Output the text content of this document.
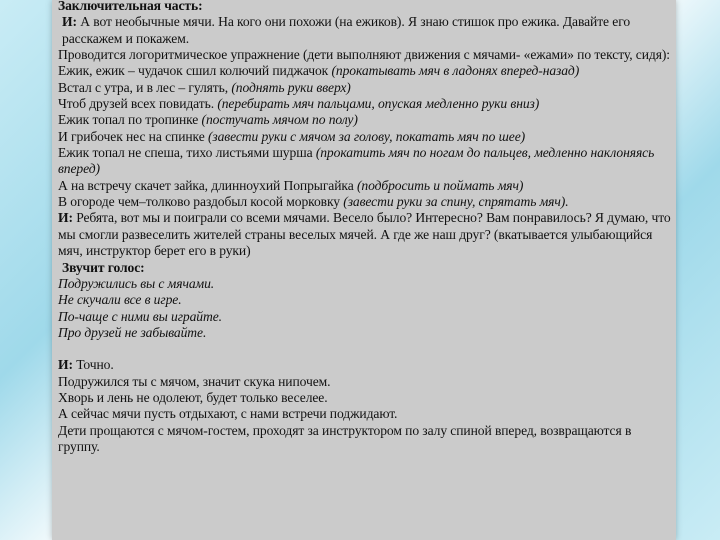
Заключительная часть:

И: А вот необычные мячи. На кого они похожи (на ежиков). Я знаю стишок про ежика. Давайте его расскажем и покажем.

Проводится логоритмическое упражнение (дети выполняют движения с мячами- «ежами» по тексту, сидя):

Ежик, ежик – чудачок сшил колючий пиджачок (прокатывать мяч в ладонях вперед-назад)

Встал с утра, и в лес – гулять, (поднять руки вверх)

Чтоб друзей всех повидать. (перебирать мяч пальцами, опуская медленно руки вниз)

Ежик топал по тропинке (постучать мячом по полу)

И грибочек нес на спинке (завести руки с мячом за голову, покатать мяч по шее)

Ежик топал не спеша, тихо листьями шурша (прокатить мяч по ногам до пальцев, медленно наклоняясь вперед)

А на встречу скачет зайка, длинноухий Попрыгайка (подбросить и поймать мяч)

В огороде чем–толково раздобыл косой морковку (завести руки за спину, спрятать мяч).

И: Ребята, вот мы и поиграли со всеми мячами. Весело было? Интересно? Вам понравилось? Я думаю, что мы смогли развеселить жителей страны веселых мячей. А где же наш друг? (вкатывается улыбающийся мяч, инструктор берет его в руки)

Звучит голос:

Подружились вы с мячами.

Не скучали все в игре.

По-чаще с ними вы играйте.

Про друзей не забывайте.

И: Точно.

Подружился ты с мячом, значит скука нипочем.

Хворь и лень не одолеют, будет только веселее.

А сейчас мячи пусть отдыхают, с нами встречи поджидают.

Дети прощаются с мячом-гостем, проходят за инструктором по залу спиной вперед, возвращаются в группу.
